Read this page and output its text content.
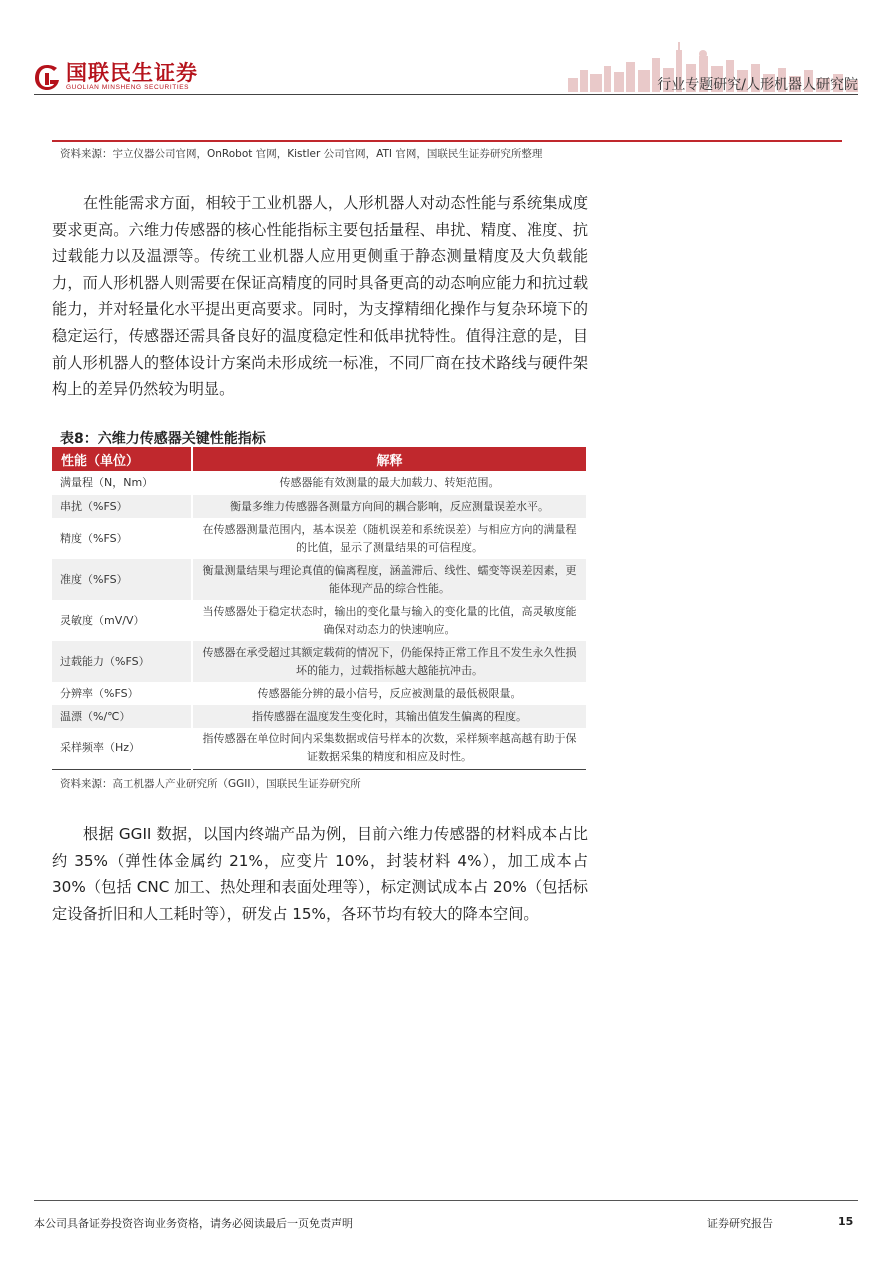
国联民生证券
GUOLIAN MINSHENG SECURITIES	行业专题研究/人形机器人研究院
资料来源：宇立仪器公司官网，OnRobot 官网，Kistler 公司官网，ATI 官网，国联民生证券研究所整理

在性能需求方面，相较于工业机器人，人形机器人对动态性能与系统集成度要求更高。六维力传感器的核心性能指标主要包括量程、串扰、精度、准度、抗过载能力以及温漂等。传统工业机器人应用更侧重于静态测量精度及大负载能力，而人形机器人则需要在保证高精度的同时具备更高的动态响应能力和抗过载能力，并对轻量化水平提出更高要求。同时，为支撑精细化操作与复杂环境下的稳定运行，传感器还需具备良好的温度稳定性和低串扰特性。值得注意的是，目前人形机器人的整体设计方案尚未形成统一标准，不同厂商在技术路线与硬件架构上的差异仍然较为明显。

表8：六维力传感器关键性能指标
性能（单位）	解释
满量程（N，Nm）	传感器能有效测量的最大加载力、转矩范围。
串扰（%FS）	衡量多维力传感器各测量方向间的耦合影响，反应测量误差水平。
精度（%FS）	在传感器测量范围内，基本误差（随机误差和系统误差）与相应方向的满量程的比值，显示了测量结果的可信程度。
准度（%FS）	衡量测量结果与理论真值的偏离程度，涵盖滞后、线性、蠕变等误差因素，更能体现产品的综合性能。
灵敏度（mV/V）	当传感器处于稳定状态时，输出的变化量与输入的变化量的比值，高灵敏度能确保对动态力的快速响应。
过载能力（%FS）	传感器在承受超过其额定载荷的情况下，仍能保持正常工作且不发生永久性损坏的能力，过载指标越大越能抗冲击。
分辨率（%FS）	传感器能分辨的最小信号，反应被测量的最低极限量。
温漂（%/℃）	指传感器在温度发生变化时，其输出值发生偏离的程度。
采样频率（Hz）	指传感器在单位时间内采集数据或信号样本的次数，采样频率越高越有助于保证数据采集的精度和相应及时性。
资料来源：高工机器人产业研究所（GGII），国联民生证券研究所

根据 GGII 数据，以国内终端产品为例，目前六维力传感器的材料成本占比约 35%（弹性体金属约 21%，应变片 10%，封装材料 4%），加工成本占 30%（包括 CNC 加工、热处理和表面处理等），标定测试成本占 20%（包括标定设备折旧和人工耗时等），研发占 15%，各环节均有较大的降本空间。

本公司具备证券投资咨询业务资格，请务必阅读最后一页免责声明	证券研究报告	15
